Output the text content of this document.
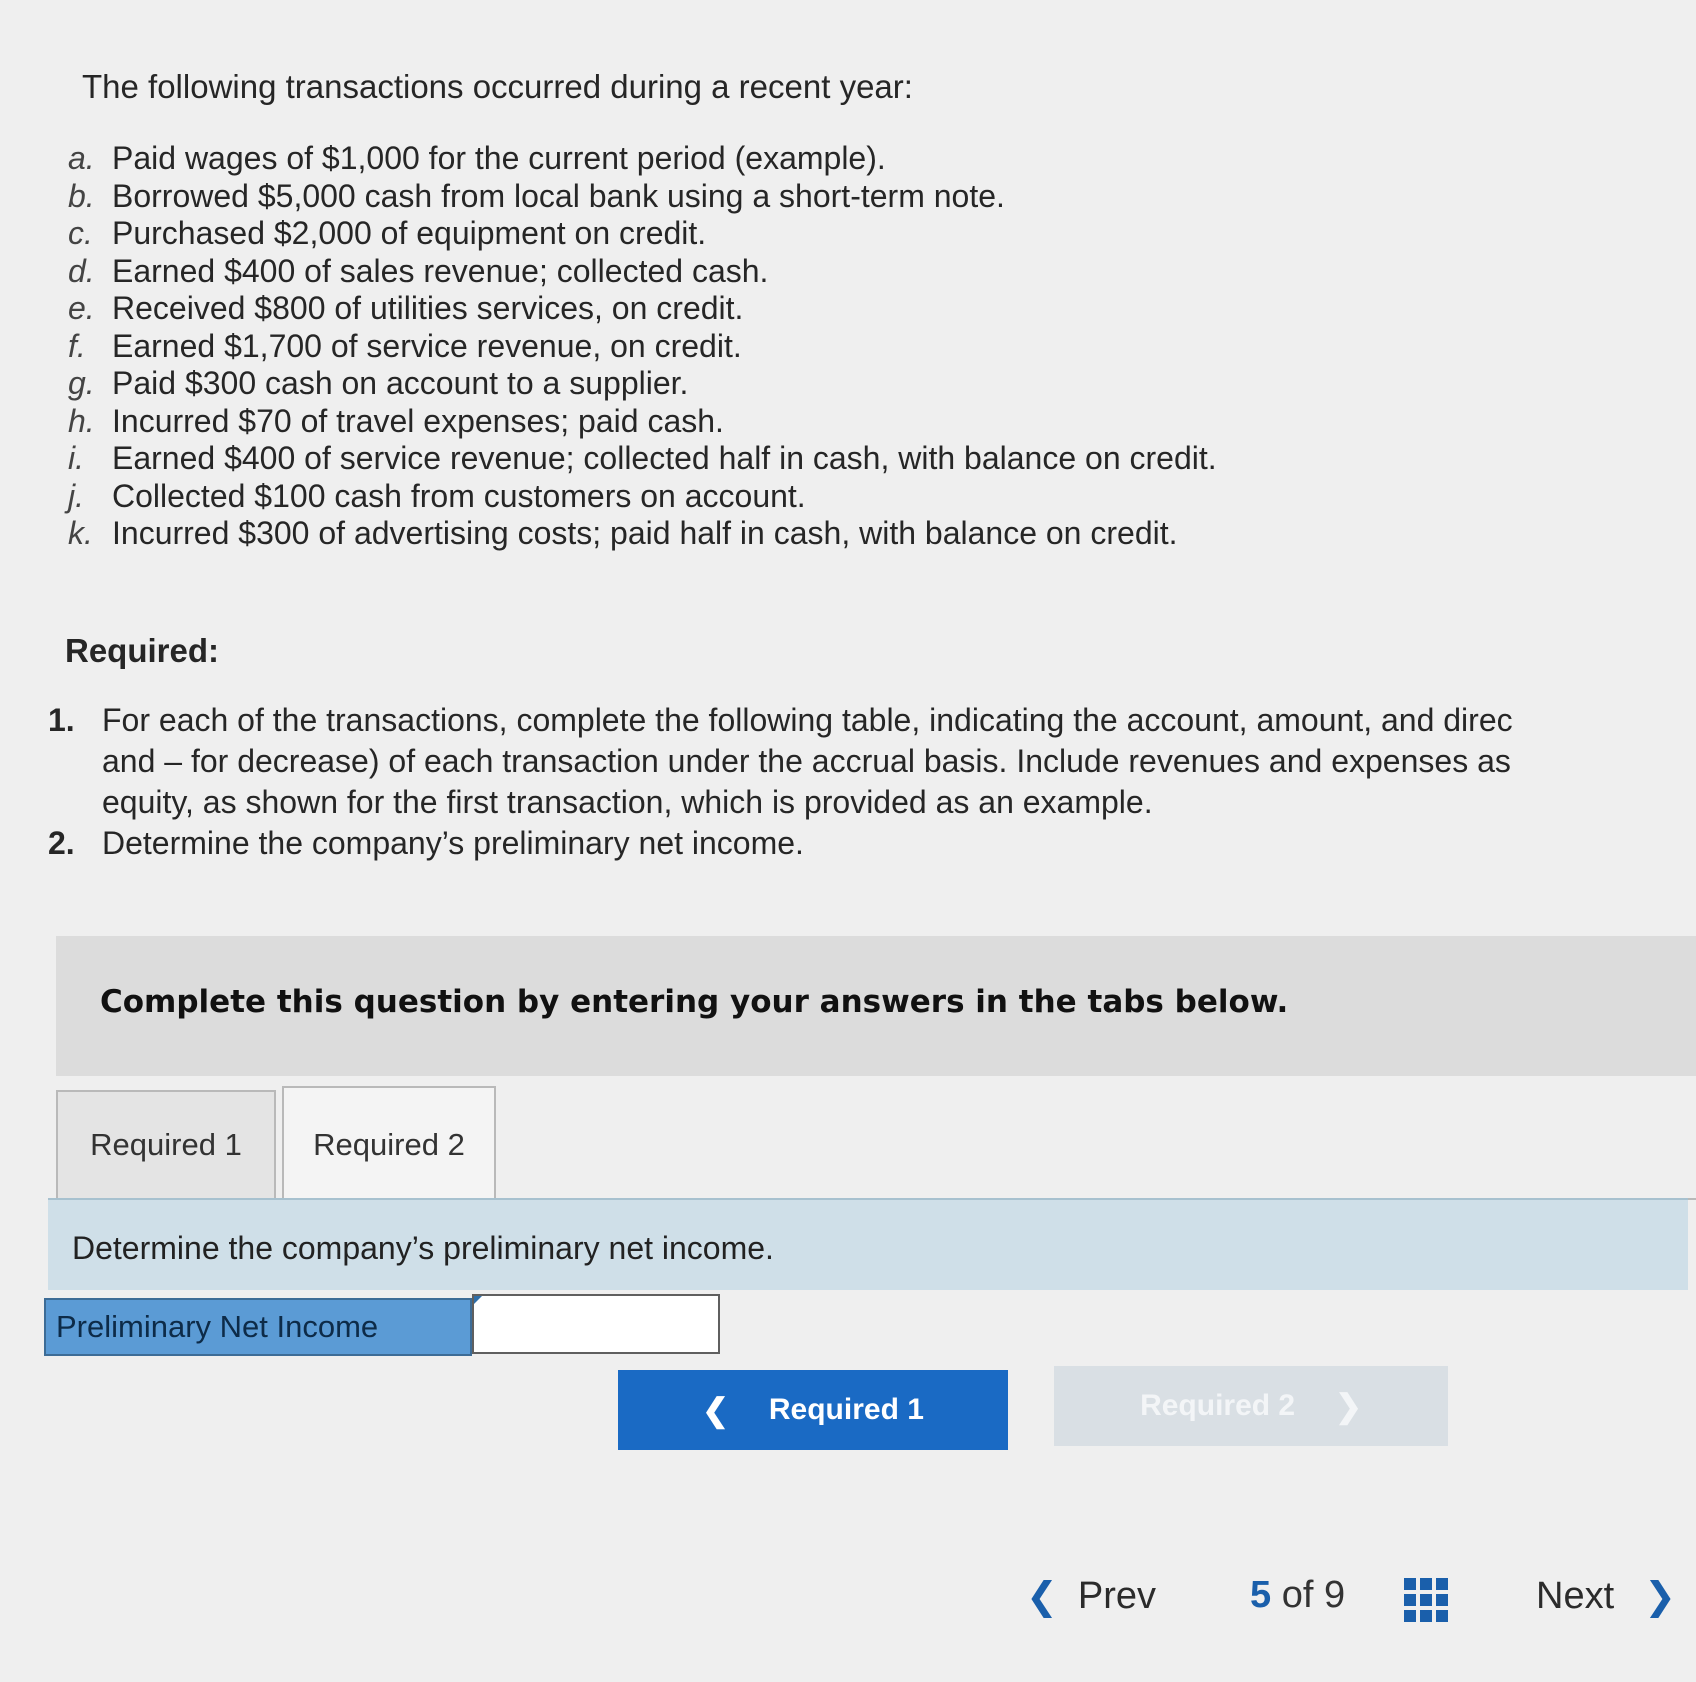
The following transactions occurred during a recent year:
a. Paid wages of $1,000 for the current period (example).
b. Borrowed $5,000 cash from local bank using a short-term note.
c. Purchased $2,000 of equipment on credit.
d. Earned $400 of sales revenue; collected cash.
e. Received $800 of utilities services, on credit.
f. Earned $1,700 of service revenue, on credit.
g. Paid $300 cash on account to a supplier.
h. Incurred $70 of travel expenses; paid cash.
i. Earned $400 of service revenue; collected half in cash, with balance on credit.
j. Collected $100 cash from customers on account.
k. Incurred $300 of advertising costs; paid half in cash, with balance on credit.
Required:
1. For each of the transactions, complete the following table, indicating the account, amount, and direc
and – for decrease) of each transaction under the accrual basis. Include revenues and expenses as
equity, as shown for the first transaction, which is provided as an example.
2. Determine the company’s preliminary net income.
Complete this question by entering your answers in the tabs below.
Required 1	Required 2
Determine the company’s preliminary net income.
Preliminary Net Income
❮ Required 1	Required 2 ❯
❮ Prev 5 of 9	Next ❯
